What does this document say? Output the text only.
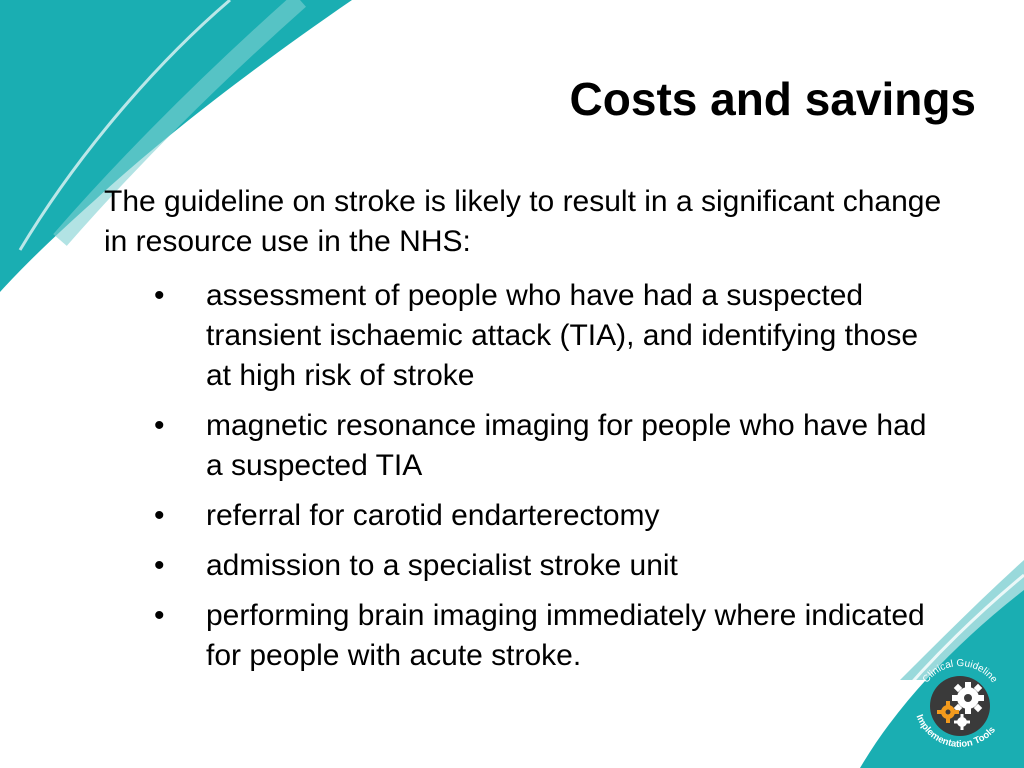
Costs and savings

The guideline on stroke is likely to result in a significant change in resource use in the NHS:

• assessment of people who have had a suspected transient ischaemic attack (TIA), and identifying those at high risk of stroke
• magnetic resonance imaging for people who have had a suspected TIA
• referral for carotid endarterectomy
• admission to a specialist stroke unit
• performing brain imaging immediately where indicated for people with acute stroke.
Clinical Guideline
Implementation Tools
